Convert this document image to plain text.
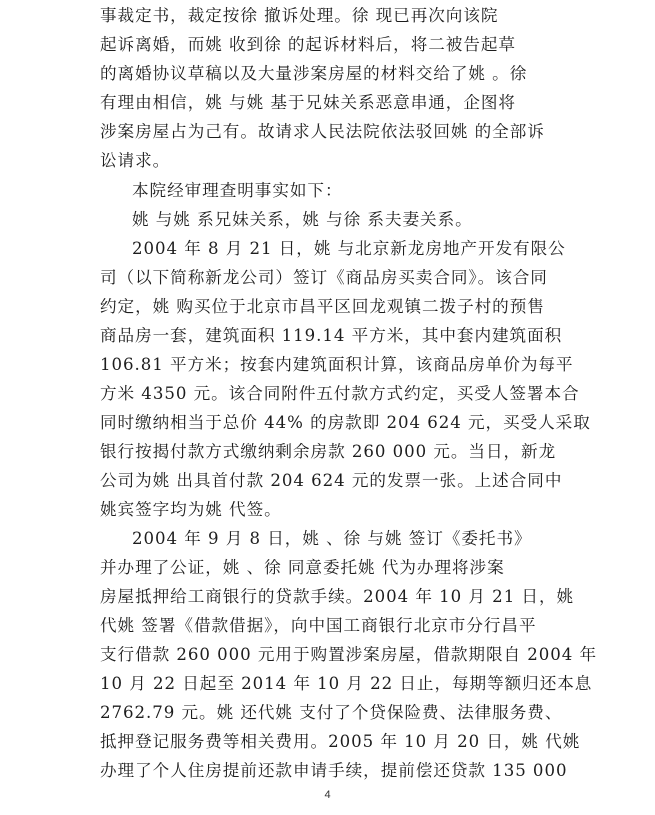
事裁定书，裁定按徐 撤诉处理。徐 现已再次向该院
起诉离婚，而姚 收到徐 的起诉材料后，将二被告起草
的离婚协议草稿以及大量涉案房屋的材料交给了姚 。徐
有理由相信，姚 与姚 基于兄妹关系恶意串通，企图将
涉案房屋占为己有。故请求人民法院依法驳回姚 的全部诉
讼请求。
本院经审理查明事实如下：
姚 与姚 系兄妹关系，姚 与徐 系夫妻关系。
2004 年 8 月 21 日，姚 与北京新龙房地产开发有限公
司（以下简称新龙公司）签订《商品房买卖合同》。该合同
约定，姚 购买位于北京市昌平区回龙观镇二拨子村的预售
商品房一套，建筑面积 119.14 平方米，其中套内建筑面积
106.81 平方米；按套内建筑面积计算，该商品房单价为每平
方米 4350 元。该合同附件五付款方式约定，买受人签署本合
同时缴纳相当于总价 44% 的房款即 204 624 元，买受人采取
银行按揭付款方式缴纳剩余房款 260 000 元。当日，新龙
公司为姚 出具首付款 204 624 元的发票一张。上述合同中
姚宾签字均为姚 代签。
2004 年 9 月 8 日，姚 、徐 与姚 签订《委托书》
并办理了公证，姚 、徐 同意委托姚 代为办理将涉案
房屋抵押给工商银行的贷款手续。2004 年 10 月 21 日，姚
代姚 签署《借款借据》，向中国工商银行北京市分行昌平
支行借款 260 000 元用于购置涉案房屋，借款期限自 2004 年
10 月 22 日起至 2014 年 10 月 22 日止，每期等额归还本息
2762.79 元。姚 还代姚 支付了个贷保险费、法律服务费、
抵押登记服务费等相关费用。2005 年 10 月 20 日，姚 代姚
办理了个人住房提前还款申请手续，提前偿还贷款 135 000
4
